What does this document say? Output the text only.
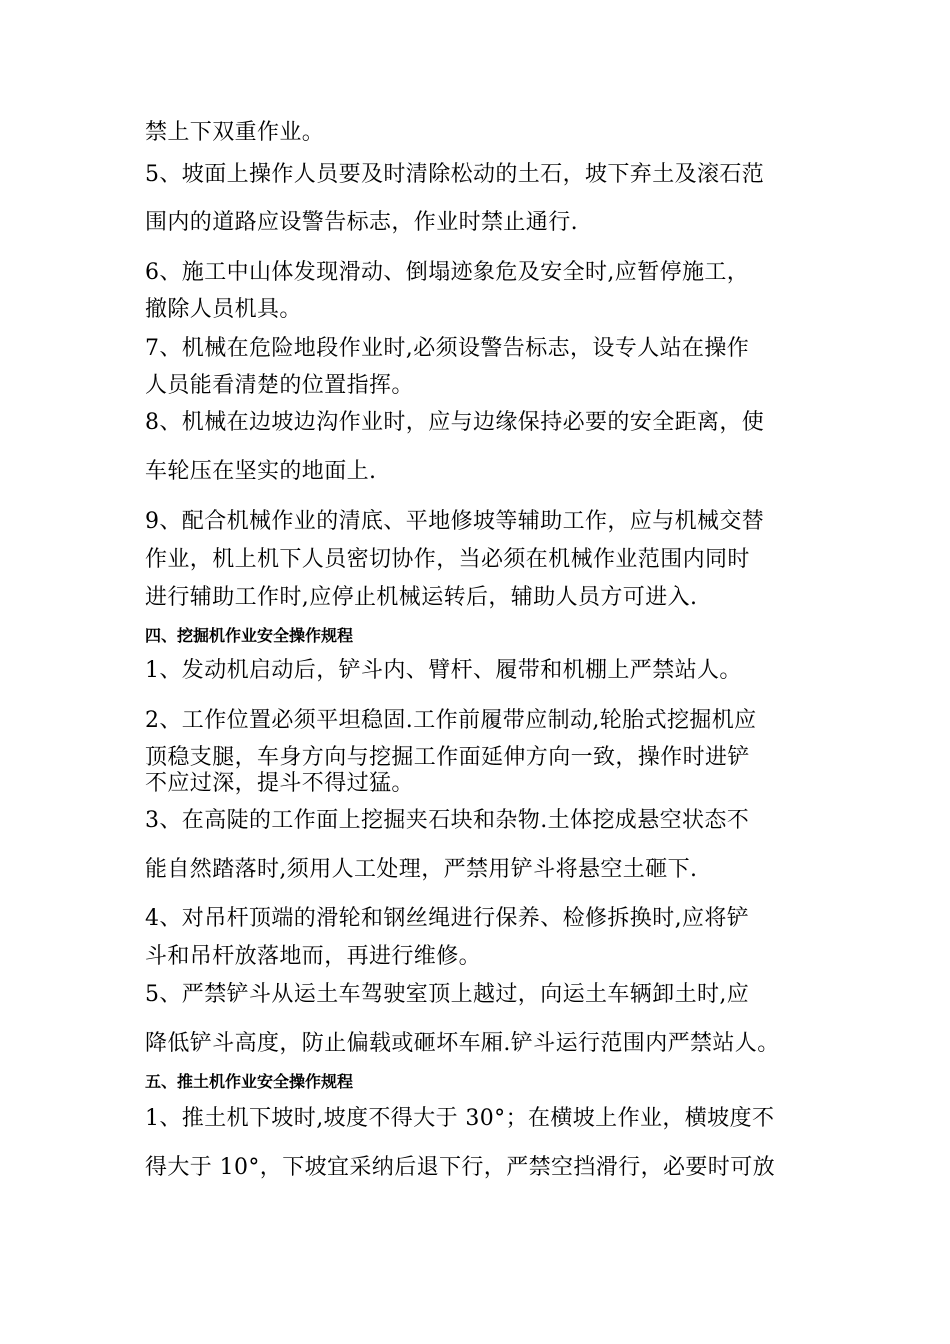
禁上下双重作业。
5、坡面上操作人员要及时清除松动的土石，坡下弃土及滚石范
围内的道路应设警告标志，作业时禁止通行.
6、施工中山体发现滑动、倒塌迹象危及安全时,应暂停施工，
撤除人员机具。
7、机械在危险地段作业时,必须设警告标志，设专人站在操作
人员能看清楚的位置指挥。
8、机械在边坡边沟作业时，应与边缘保持必要的安全距离，使
车轮压在坚实的地面上.
9、配合机械作业的清底、平地修坡等辅助工作，应与机械交替
作业，机上机下人员密切协作，当必须在机械作业范围内同时
进行辅助工作时,应停止机械运转后，辅助人员方可进入.
四、挖掘机作业安全操作规程
1、发动机启动后，铲斗内、臂杆、履带和机棚上严禁站人。
2、工作位置必须平坦稳固.工作前履带应制动,轮胎式挖掘机应
顶稳支腿，车身方向与挖掘工作面延伸方向一致，操作时进铲
不应过深，提斗不得过猛。
3、在高陡的工作面上挖掘夹石块和杂物.土体挖成悬空状态不
能自然踏落时,须用人工处理，严禁用铲斗将悬空土砸下.
4、对吊杆顶端的滑轮和钢丝绳进行保养、检修拆换时,应将铲
斗和吊杆放落地而，再进行维修。
5、严禁铲斗从运土车驾驶室顶上越过，向运土车辆卸土时,应
降低铲斗高度，防止偏载或砸坏车厢.铲斗运行范围内严禁站人。
五、推土机作业安全操作规程
1、推土机下坡时,坡度不得大于 30°；在横坡上作业，横坡度不
得大于 10°，下坡宜采纳后退下行，严禁空挡滑行，必要时可放
